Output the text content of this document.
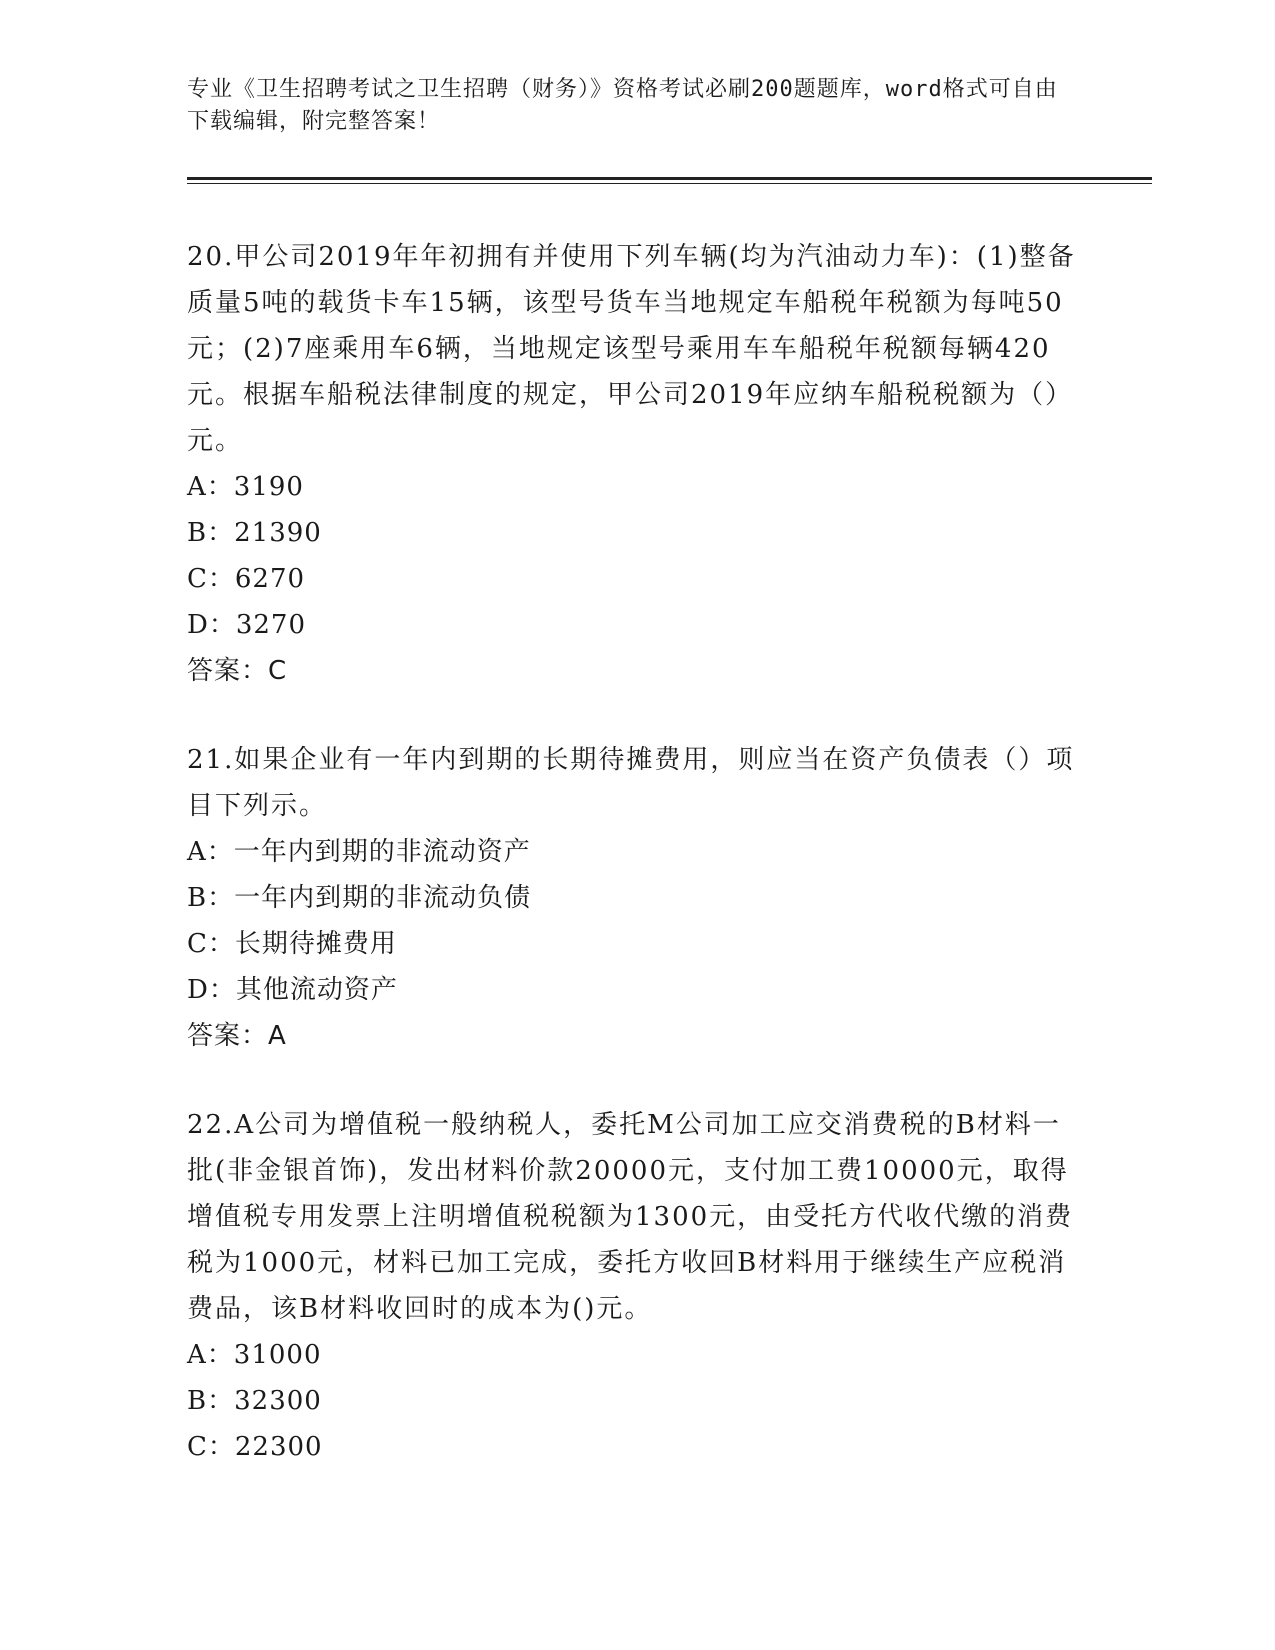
专业《卫生招聘考试之卫生招聘（财务）》资格考试必刷200题题库，word格式可自由下载编辑，附完整答案！

20.甲公司2019年年初拥有并使用下列车辆(均为汽油动力车)：(1)整备质量5吨的载货卡车15辆，该型号货车当地规定车船税年税额为每吨50元；(2)7座乘用车6辆，当地规定该型号乘用车车船税年税额每辆420元。根据车船税法律制度的规定，甲公司2019年应纳车船税税额为（）元。

A：3190

B：21390

C：6270

D：3270

答案：C

21.如果企业有一年内到期的长期待摊费用，则应当在资产负债表（）项目下列示。

A：一年内到期的非流动资产

B：一年内到期的非流动负债

C：长期待摊费用

D：其他流动资产

答案：A

22.A公司为增值税一般纳税人，委托M公司加工应交消费税的B材料一批(非金银首饰)，发出材料价款20000元，支付加工费10000元，取得增值税专用发票上注明增值税税额为1300元，由受托方代收代缴的消费税为1000元，材料已加工完成，委托方收回B材料用于继续生产应税消费品，该B材料收回时的成本为()元。

A：31000

B：32300

C：22300
